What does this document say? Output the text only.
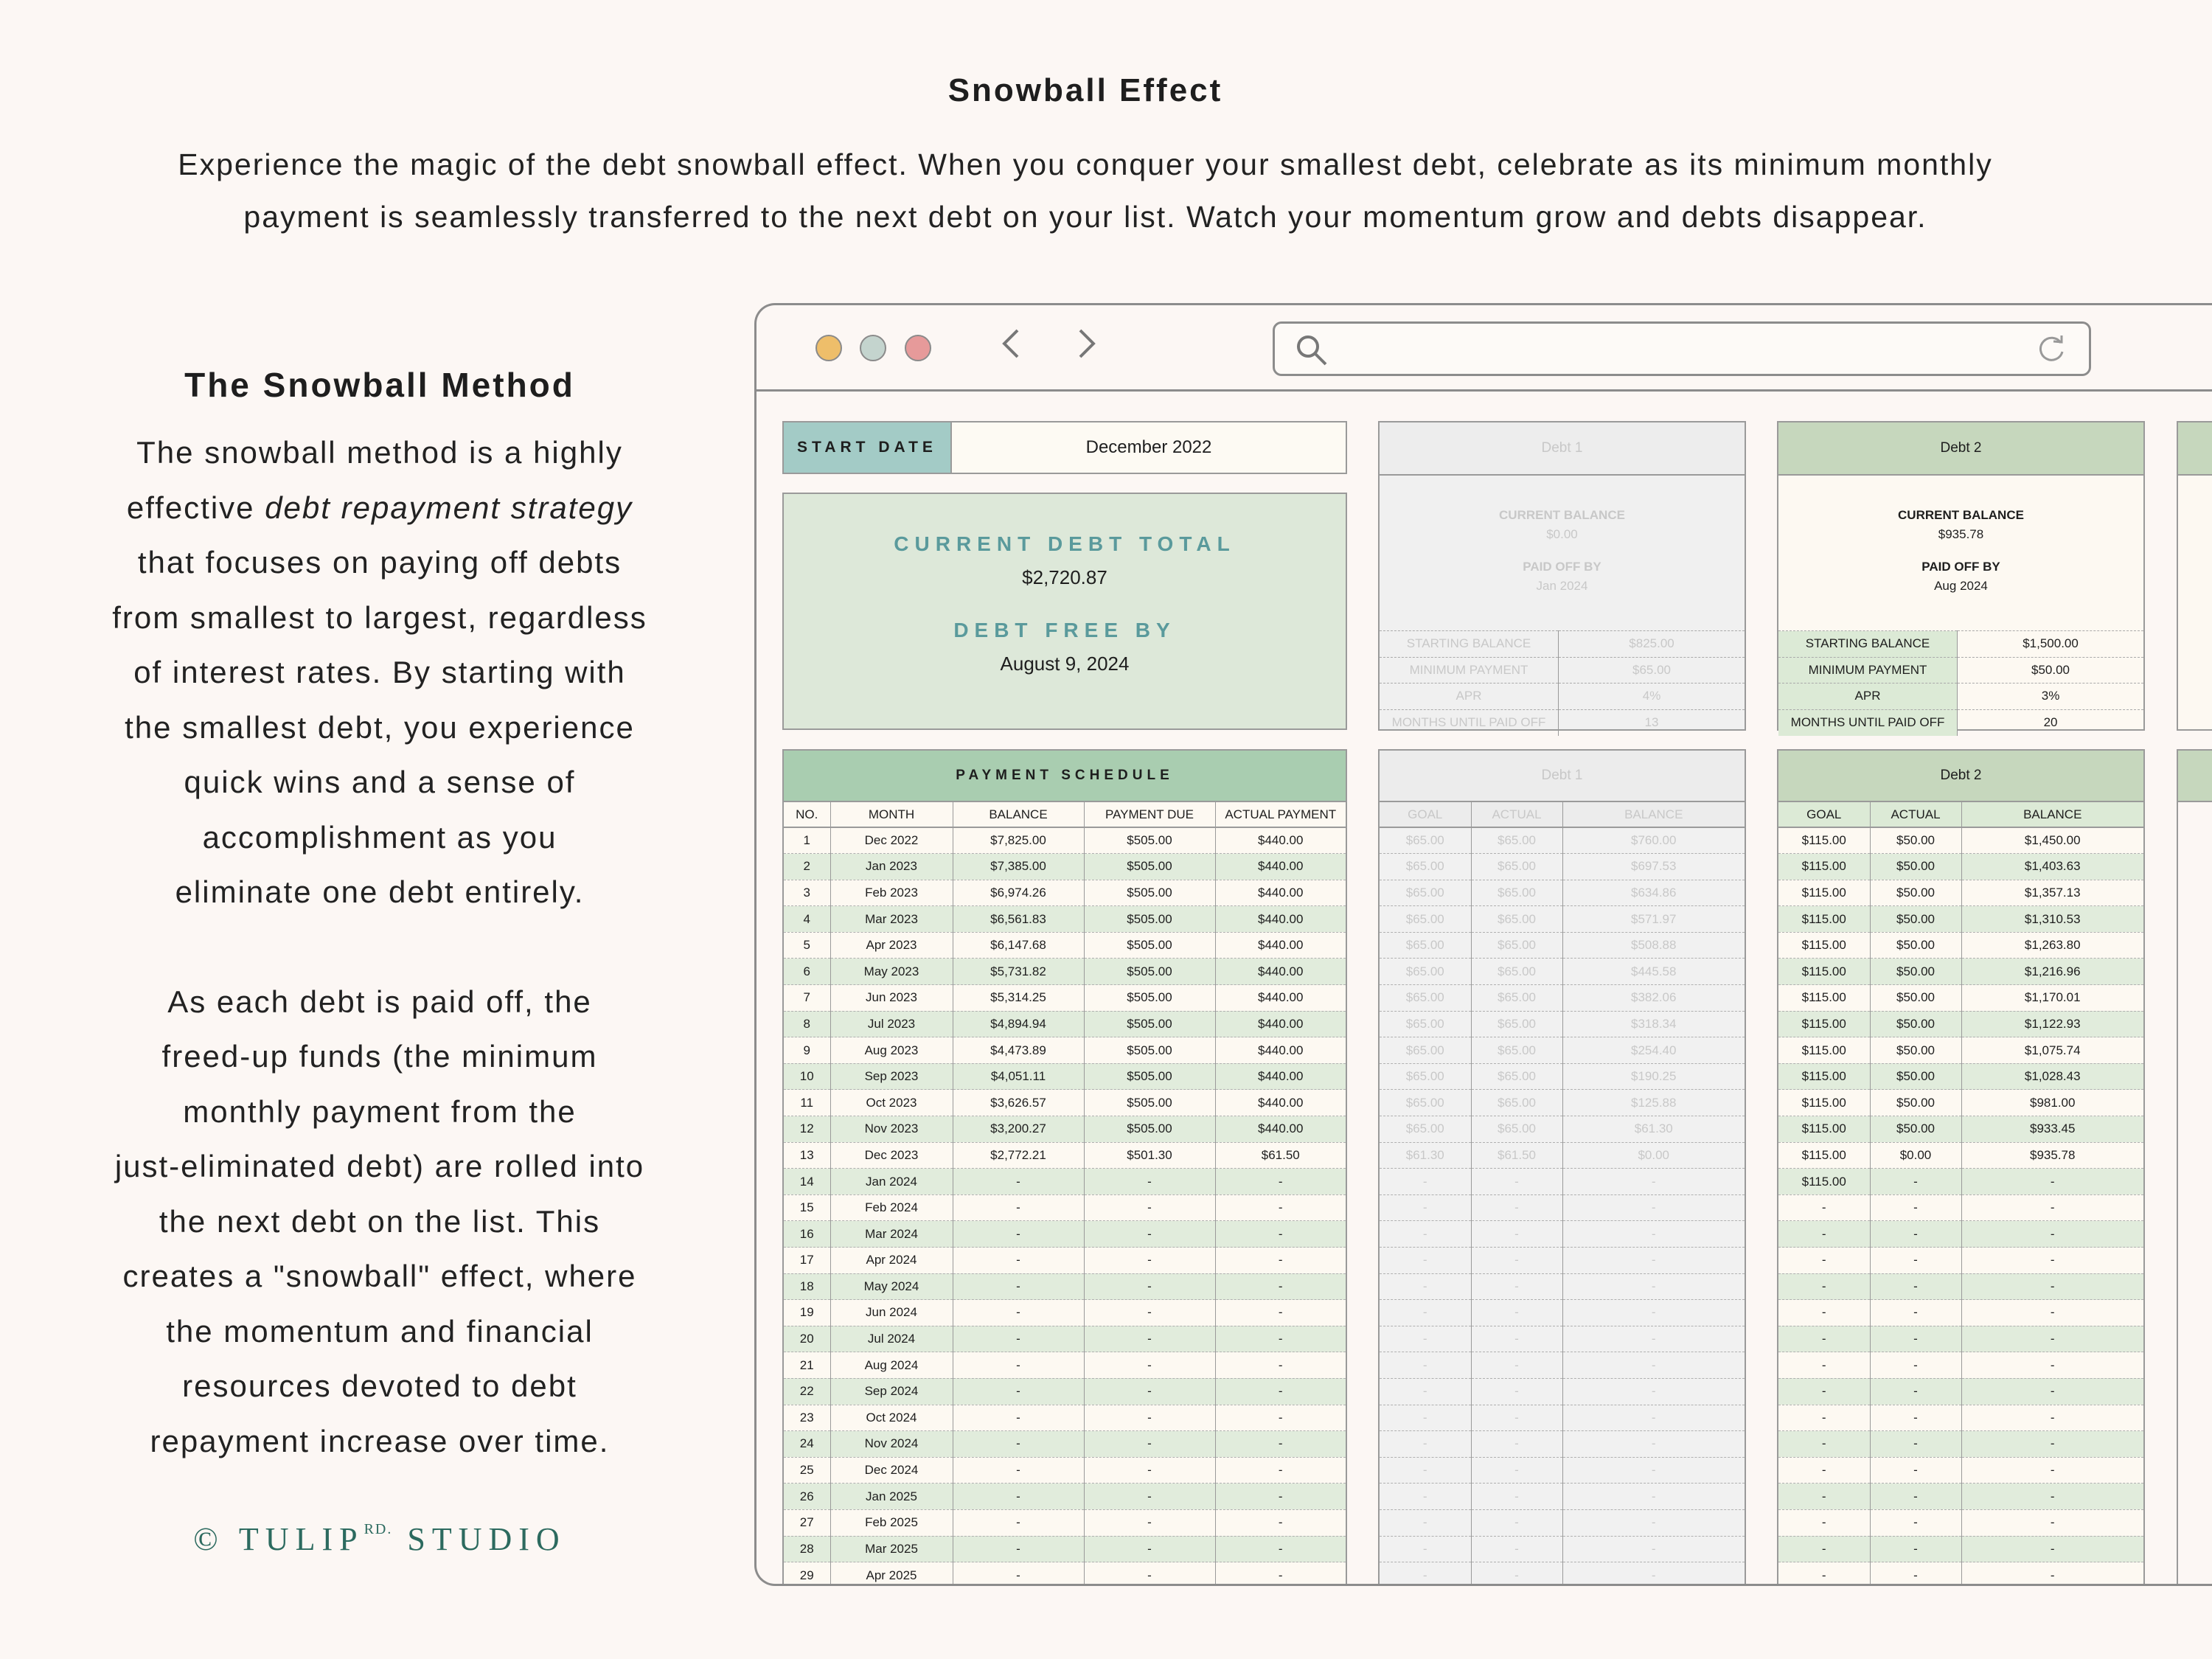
Snowball Effect
Experience the magic of the debt snowball effect. When you conquer your smallest debt, celebrate as its minimum monthly
payment is seamlessly transferred to the next debt on your list. Watch your momentum grow and debts disappear.
The Snowball Method
The snowball method is a highly
effective debt repayment strategy
that focuses on paying off debts
from smallest to largest, regardless
of interest rates. By starting with
the smallest debt, you experience
quick wins and a sense of
accomplishment as you
eliminate one debt entirely.
As each debt is paid off, the
freed-up funds (the minimum
monthly payment from the
just-eliminated debt) are rolled into
the next debt on the list. This
creates a "snowball" effect, where
the momentum and financial
resources devoted to debt
repayment increase over time.
© $TULIP^{RD.}$ STUDIO
START DATE	December 2022
CURRENT DEBT TOTAL
$2,720.87
DEBT FREE BY
August 9, 2024
Debt 1
CURRENT BALANCE
$0.00
PAID OFF BY
Jan 2024
STARTING BALANCE	$825.00
MINIMUM PAYMENT	$65.00
APR	4%
MONTHS UNTIL PAID OFF	13
Debt 2
CURRENT BALANCE
$935.78
PAID OFF BY
Aug 2024
STARTING BALANCE	$1,500.00
MINIMUM PAYMENT	$50.00
APR	3%
MONTHS UNTIL PAID OFF	20
PAYMENT SCHEDULE
NO.	MONTH	BALANCE	PAYMENT DUE	ACTUAL PAYMENT
1	Dec 2022	$7,825.00	$505.00	$440.00
2	Jan 2023	$7,385.00	$505.00	$440.00
3	Feb 2023	$6,974.26	$505.00	$440.00
4	Mar 2023	$6,561.83	$505.00	$440.00
5	Apr 2023	$6,147.68	$505.00	$440.00
6	May 2023	$5,731.82	$505.00	$440.00
7	Jun 2023	$5,314.25	$505.00	$440.00
8	Jul 2023	$4,894.94	$505.00	$440.00
9	Aug 2023	$4,473.89	$505.00	$440.00
10	Sep 2023	$4,051.11	$505.00	$440.00
11	Oct 2023	$3,626.57	$505.00	$440.00
12	Nov 2023	$3,200.27	$505.00	$440.00
13	Dec 2023	$2,772.21	$501.30	$61.50
14	Jan 2024	-	-	-
15	Feb 2024	-	-	-
16	Mar 2024	-	-	-
17	Apr 2024	-	-	-
18	May 2024	-	-	-
19	Jun 2024	-	-	-
20	Jul 2024	-	-	-
21	Aug 2024	-	-	-
22	Sep 2024	-	-	-
23	Oct 2024	-	-	-
24	Nov 2024	-	-	-
25	Dec 2024	-	-	-
26	Jan 2025	-	-	-
27	Feb 2025	-	-	-
28	Mar 2025	-	-	-
29	Apr 2025	-	-	-
Debt 1
GOAL	ACTUAL	BALANCE
$65.00	$65.00	$760.00
$65.00	$65.00	$697.53
$65.00	$65.00	$634.86
$65.00	$65.00	$571.97
$65.00	$65.00	$508.88
$65.00	$65.00	$445.58
$65.00	$65.00	$382.06
$65.00	$65.00	$318.34
$65.00	$65.00	$254.40
$65.00	$65.00	$190.25
$65.00	$65.00	$125.88
$65.00	$65.00	$61.30
$61.30	$61.50	$0.00
-	-	-
-	-	-
-	-	-
-	-	-
-	-	-
-	-	-
-	-	-
-	-	-
-	-	-
-	-	-
-	-	-
-	-	-
-	-	-
-	-	-
-	-	-
-	-	-
Debt 2
GOAL	ACTUAL	BALANCE
$115.00	$50.00	$1,450.00
$115.00	$50.00	$1,403.63
$115.00	$50.00	$1,357.13
$115.00	$50.00	$1,310.53
$115.00	$50.00	$1,263.80
$115.00	$50.00	$1,216.96
$115.00	$50.00	$1,170.01
$115.00	$50.00	$1,122.93
$115.00	$50.00	$1,075.74
$115.00	$50.00	$1,028.43
$115.00	$50.00	$981.00
$115.00	$50.00	$933.45
$115.00	$0.00	$935.78
$115.00	-	-
-	-	-
-	-	-
-	-	-
-	-	-
-	-	-
-	-	-
-	-	-
-	-	-
-	-	-
-	-	-
-	-	-
-	-	-
-	-	-
-	-	-
-	-	-
